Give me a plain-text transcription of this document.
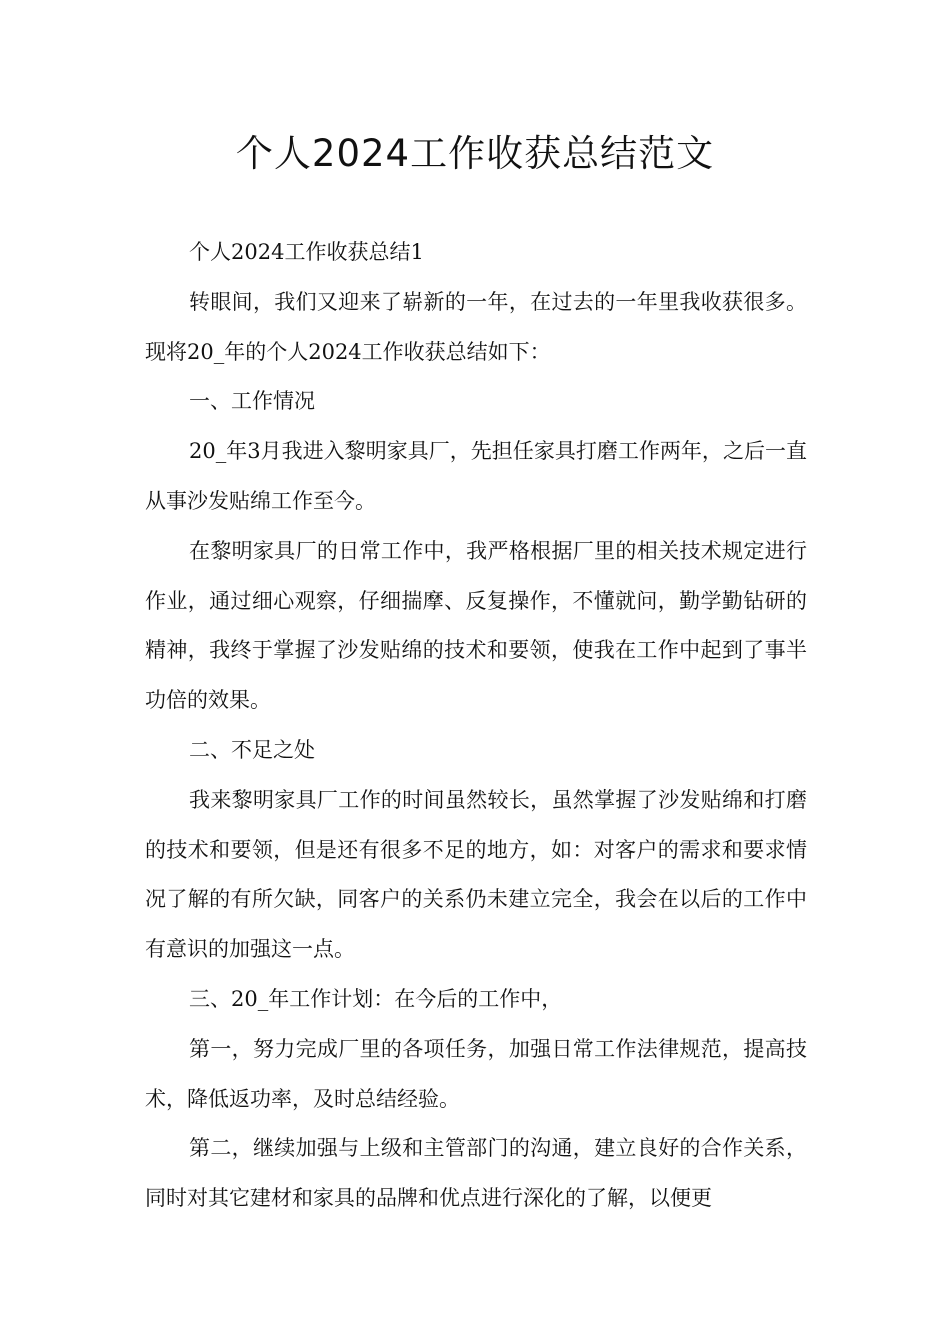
个人2024工作收获总结范文

个人2024工作收获总结1

转眼间，我们又迎来了崭新的一年，在过去的一年里我收获很多。现将20_年的个人2024工作收获总结如下：

一、工作情况

20_年3月我进入黎明家具厂，先担任家具打磨工作两年，之后一直从事沙发贴绵工作至今。

在黎明家具厂的日常工作中，我严格根据厂里的相关技术规定进行作业，通过细心观察，仔细揣摩、反复操作，不懂就问，勤学勤钻研的精神，我终于掌握了沙发贴绵的技术和要领，使我在工作中起到了事半功倍的效果。

二、不足之处

我来黎明家具厂工作的时间虽然较长，虽然掌握了沙发贴绵和打磨的技术和要领，但是还有很多不足的地方，如：对客户的需求和要求情况了解的有所欠缺，同客户的关系仍未建立完全，我会在以后的工作中有意识的加强这一点。

三、20_年工作计划：在今后的工作中，

第一，努力完成厂里的各项任务，加强日常工作法律规范，提高技术，降低返功率，及时总结经验。

第二，继续加强与上级和主管部门的沟通，建立良好的合作关系，同时对其它建材和家具的品牌和优点进行深化的了解，以便更
